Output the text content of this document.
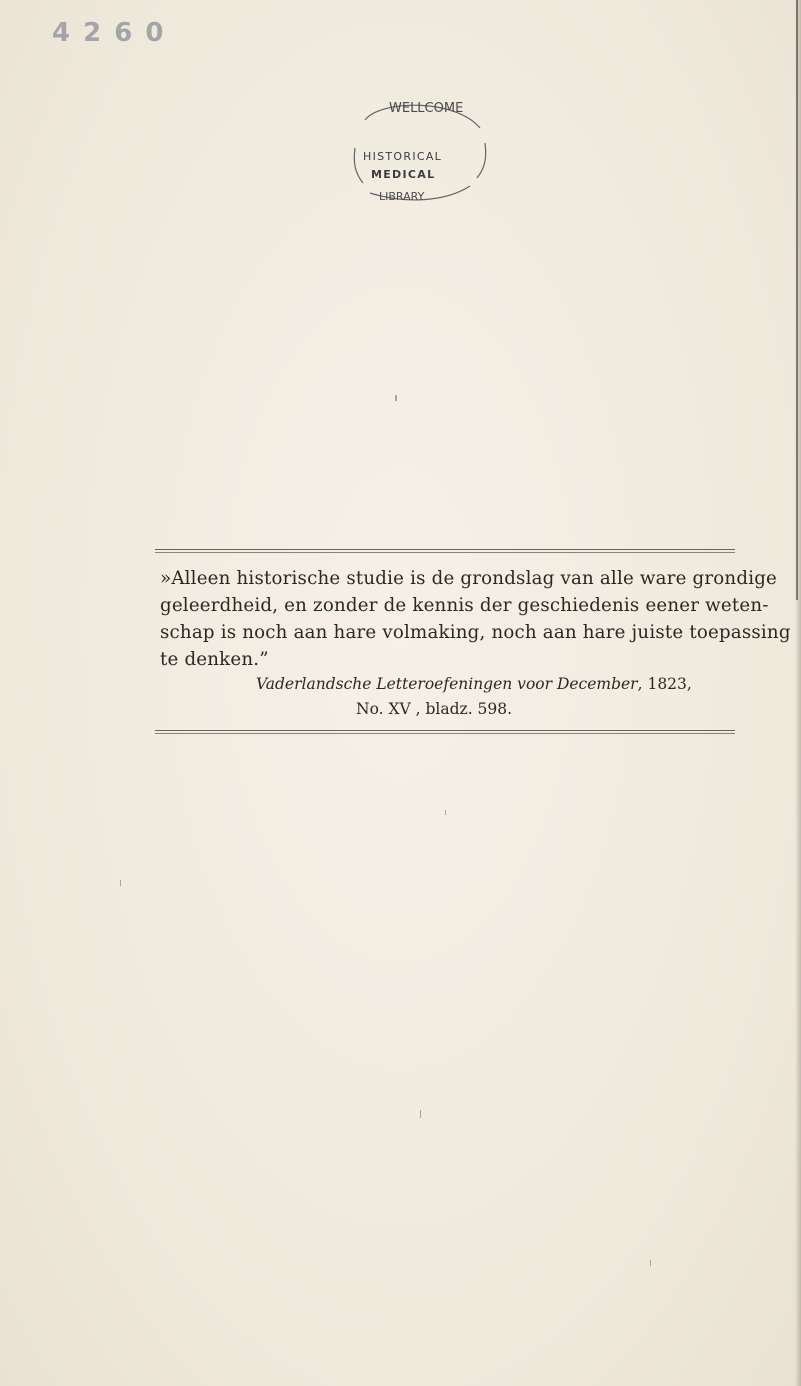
4 2 6 0
WELLCOME
HISTORICAL
MEDICAL
LIBRARY

»Alleen historische studie is de grondslag van alle ware grondige
geleerdheid, en zonder de kennis der geschiedenis eener weten-
schap is noch aan hare volmaking, noch aan hare juiste toepassing
te denken.”

Vaderlandsche Letteroefeningen voor December, 1823,
No. XV , bladz. 598.
